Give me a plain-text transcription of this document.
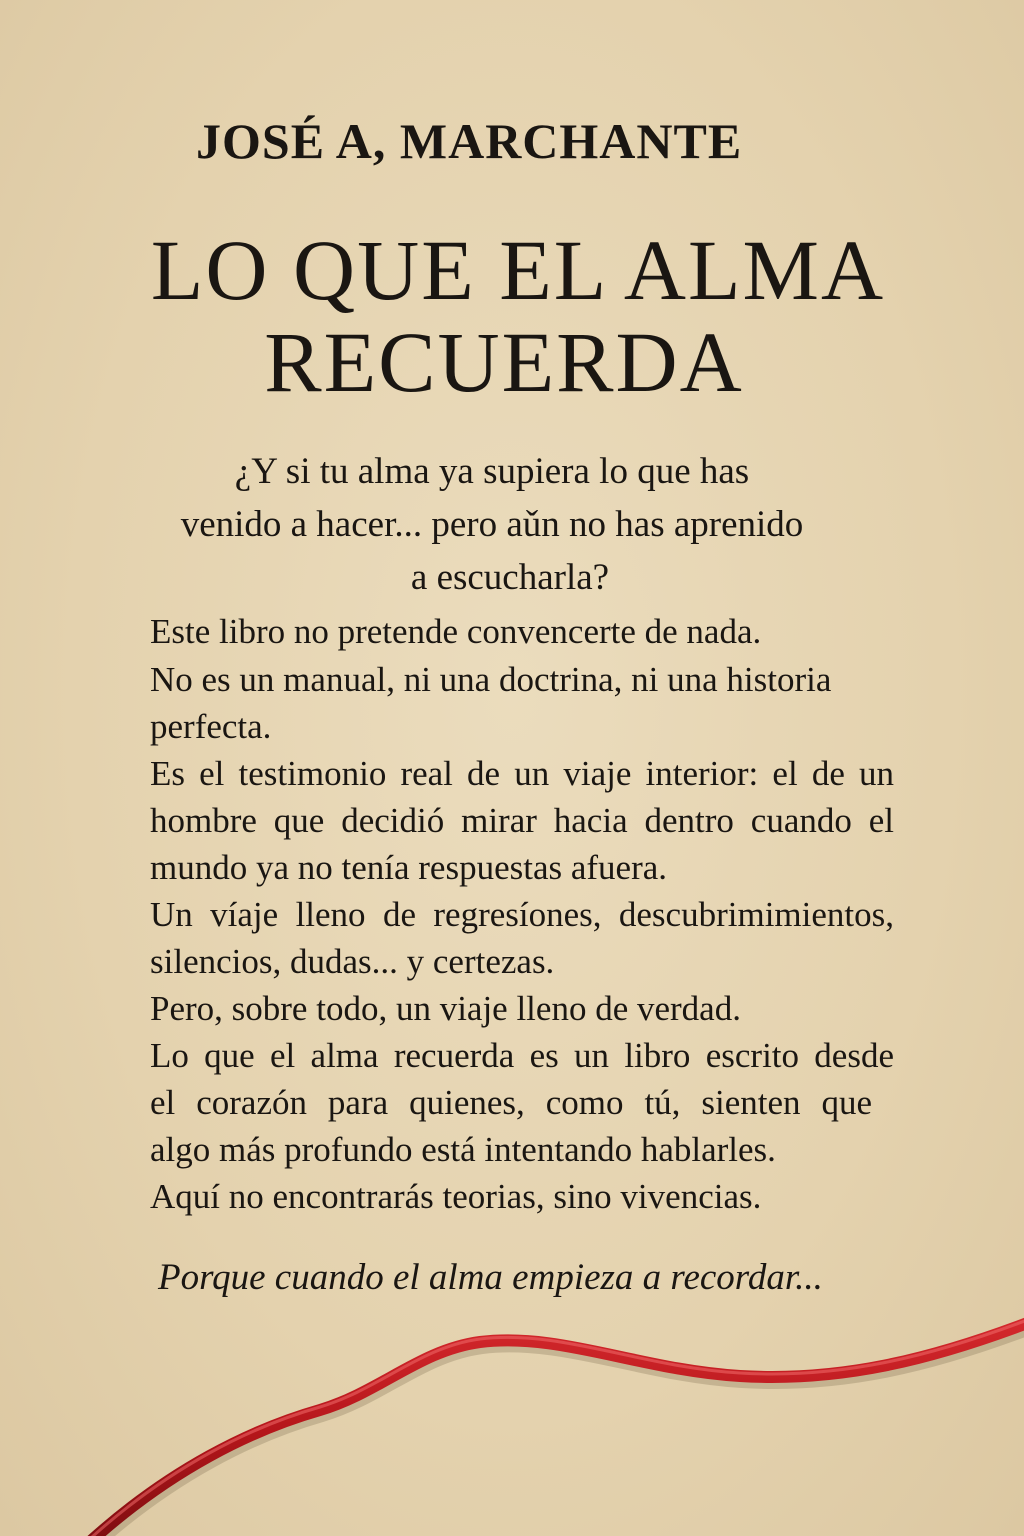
JOSÉ A, MARCHANTE
LO QUE EL ALMA
RECUERDA
¿Y si tu alma ya supiera lo que has
venido a hacer... pero aǔn no has aprenido
a escucharla?
Este libro no pretende convencerte de nada.
No es un manual, ni una doctrina, ni una historia
perfecta.
Es el testimonio real de un viaje interior: el de un
hombre que decidió mirar hacia dentro cuando el
mundo ya no tenía respuestas afuera.
Un víaje lleno de regresíones, descubrimimientos,
silencios, dudas... y certezas.
Pero, sobre todo, un viaje lleno de verdad.
Lo que el alma recuerda es un libro escrito desde
el corazón para quienes, como tú, sienten que
algo más profundo está intentando hablarles.
Aquí no encontrarás teorias, sino vivencias.
Porque cuando el alma empieza a recordar...
